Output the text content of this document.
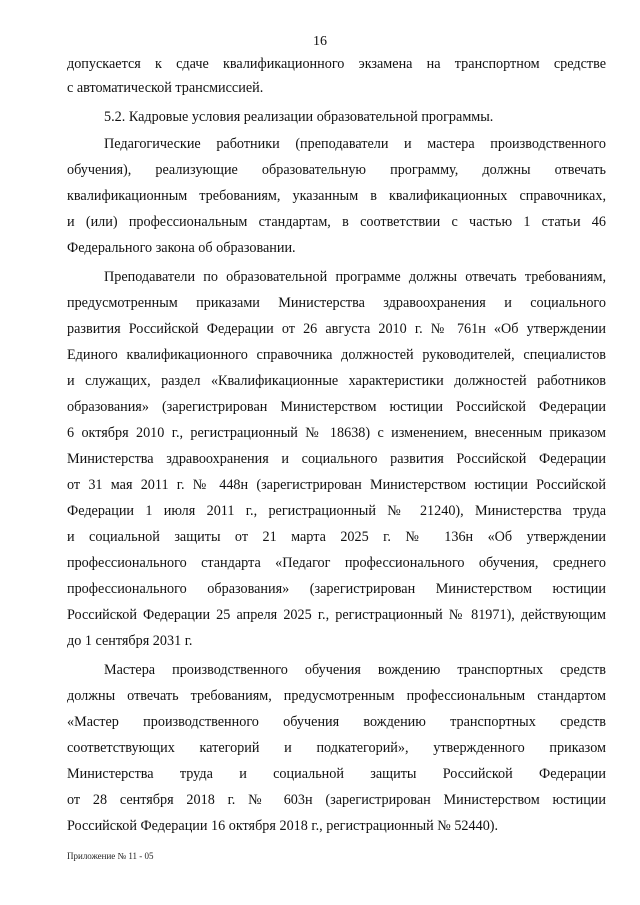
16
допускается к сдаче квалификационного экзамена на транспортном средстве
с автоматической трансмиссией.
5.2. Кадровые условия реализации образовательной программы.
Педагогические работники (преподаватели и мастера производственного
обучения), реализующие образовательную программу, должны отвечать
квалификационным требованиям, указанным в квалификационных справочниках,
и (или) профессиональным стандартам, в соответствии с частью 1 статьи 46
Федерального закона об образовании.
Преподаватели по образовательной программе должны отвечать требованиям,
предусмотренным приказами Министерства здравоохранения и социального
развития Российской Федерации от 26 августа 2010 г. № 761н «Об утверждении
Единого квалификационного справочника должностей руководителей, специалистов
и служащих, раздел «Квалификационные характеристики должностей работников
образования» (зарегистрирован Министерством юстиции Российской Федерации
6 октября 2010 г., регистрационный № 18638) с изменением, внесенным приказом
Министерства здравоохранения и социального развития Российской Федерации
от 31 мая 2011 г. № 448н (зарегистрирован Министерством юстиции Российской
Федерации 1 июля 2011 г., регистрационный № 21240), Министерства труда
и социальной защиты от 21 марта 2025 г. № 136н «Об утверждении
профессионального стандарта «Педагог профессионального обучения, среднего
профессионального образования» (зарегистрирован Министерством юстиции
Российской Федерации 25 апреля 2025 г., регистрационный № 81971), действующим
до 1 сентября 2031 г.
Мастера производственного обучения вождению транспортных средств
должны отвечать требованиям, предусмотренным профессиональным стандартом
«Мастер производственного обучения вождению транспортных средств
соответствующих категорий и подкатегорий», утвержденного приказом
Министерства труда и социальной защиты Российской Федерации
от 28 сентября 2018 г. № 603н (зарегистрирован Министерством юстиции
Российской Федерации 16 октября 2018 г., регистрационный № 52440).
Приложение № 11 - 05
